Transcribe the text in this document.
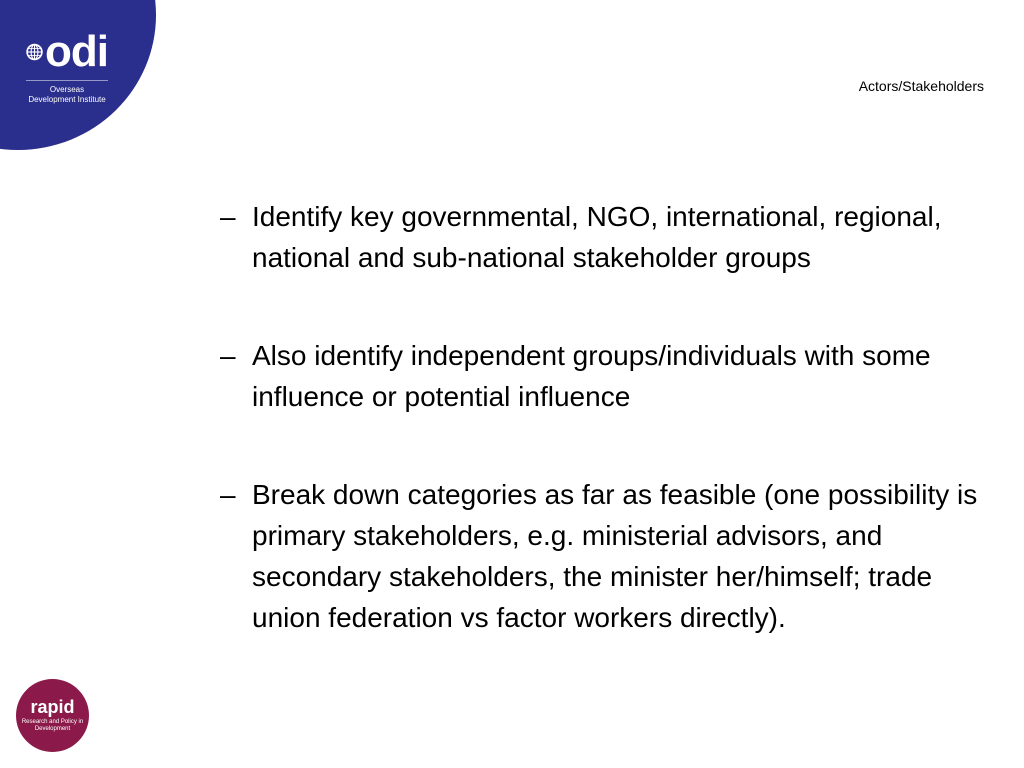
odi
Overseas Development Institute
Actors/Stakeholders
– Identify key governmental, NGO, international, regional, national and sub-national stakeholder groups
– Also identify independent groups/individuals with some influence or potential influence
– Break down categories as far as feasible (one possibility is primary stakeholders, e.g. ministerial advisors, and secondary stakeholders, the minister her/himself; trade union federation vs factor workers directly).
rapid
Research and Policy in Development
